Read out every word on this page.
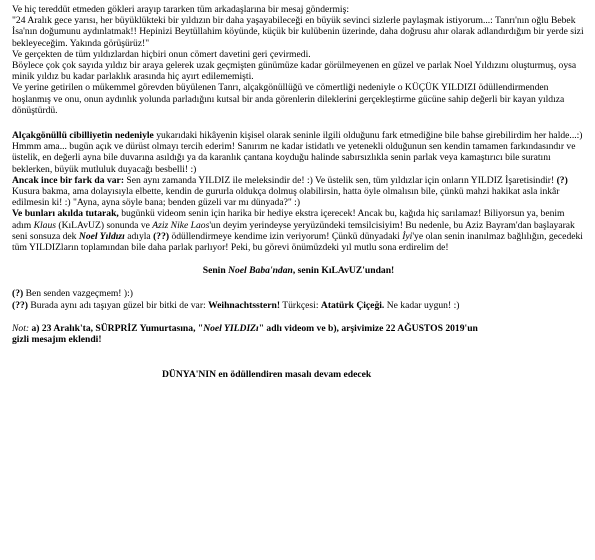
Ve hiç tereddüt etmeden gökleri arayıp tararken tüm arkadaşlarına bir mesaj göndermiş:

"24 Aralık gece yarısı, her büyüklükteki bir yıldızın bir daha yaşayabileceği en büyük sevinci sizlerle paylaşmak istiyorum...: Tanrı'nın oğlu Bebek İsa'nın doğumunu aydınlatmak!! Hepinizi Beytüllahim köyünde, küçük bir kulübenin üzerinde, daha doğrusu ahır olarak adlandırdığım bir yerde sizi bekleyeceğim. Yakında görüşürüz!"

Ve gerçekten de tüm yıldızlardan hiçbiri onun cömert davetini geri çevirmedi.

Böylece çok çok sayıda yıldız bir araya gelerek uzak geçmişten günümüze kadar görülmeyenen en güzel ve parlak Noel Yıldızını oluşturmuş, oysa minik yıldız bu kadar parlaklık arasında hiç ayırt edilememişti.

Ve yerine getirilen o mükemmel görevden büyülenen Tanrı, alçakgönüllüğü ve cömertliği nedeniyle o KÜÇÜK YILDIZI ödüllendirmenden hoşlanmış ve onu, onun aydınlık yolunda parladığını kutsal bir anda görenlerin dileklerini gerçekleştirme gücüne sahip değerli bir kayan yıldıza dönüştürdü.

Alçakgönüllü cibilliyetin nedeniyle yukarıdaki hikâyenin kişisel olarak seninle ilgili olduğunu fark etmediğine bile bahse girebilirdim her halde...:) Hmmm ama... bugün açık ve dürüst olmayı tercih ederim! Sanırım ne kadar istidatlı ve yetenekli olduğunun sen kendin tamamen farkındasındır ve üstelik, en değerli ayna bile duvarına asıldığı ya da karanlık çantana koyduğu halinde sabırsızlıkla senin parlak veya kamaştırıcı bile suratını beklerken, büyük mutluluk duyacağı besbelli! :)

Ancak ince bir fark da var: Sen aynı zamanda YILDIZ ile meleksindir de! :) Ve üstelik sen, tüm yıldızlar için onların YILDIZ İşaretisindir! (?) Kusura bakma, ama dolayısıyla elbette, kendin de gururla oldukça dolmuş olabilirsin, hatta öyle olmalısın bile, çünkü mahzi hakikat asla inkâr edilmesin ki! :) "Ayna, ayna söyle bana; benden güzeli var mı dünyada?" :)

Ve bunları akılda tutarak, bugünkü videom senin için harika bir hediye ekstra içerecek! Ancak bu, kağıda hiç sarılamaz! Biliyorsun ya, benim adım Klaus (KıLAvUZ) sonunda ve Aziz Nike Laos'un deyim yerindeyse yeryüzündeki temsilcisiyim! Bu nedenle, bu Aziz Bayram'dan başlayarak seni sonsuza dek Noel Yıldızı adıyla (??) ödüllendirmeye kendime izin veriyorum! Çünkü dünyadaki İyi'ye olan senin inanılmaz bağlılığın, gecedeki tüm YILDIZların toplamından bile daha parlak parlıyor! Peki, bu görevi önümüzdeki yıl mutlu sona erdirelim de!

Senin Noel Baba'ndan, senin KıLAvUZ'undan!

(?) Ben senden vazgeçmem! ):)

(??) Burada aynı adı taşıyan güzel bir bitki de var: Weihnachtsstern! Türkçesi: Atatürk Çiçeği. Ne kadar uygun! :)

Not: a) 23 Aralık'ta, SÜRPRİZ Yumurtasına, "Noel YILDIZı" adlı videom ve b), arşivimize 22 AĞUSTOS 2019'un
gizli mesajım eklendi!

DÜNYA'NIN en ödüllendiren masalı devam edecek
